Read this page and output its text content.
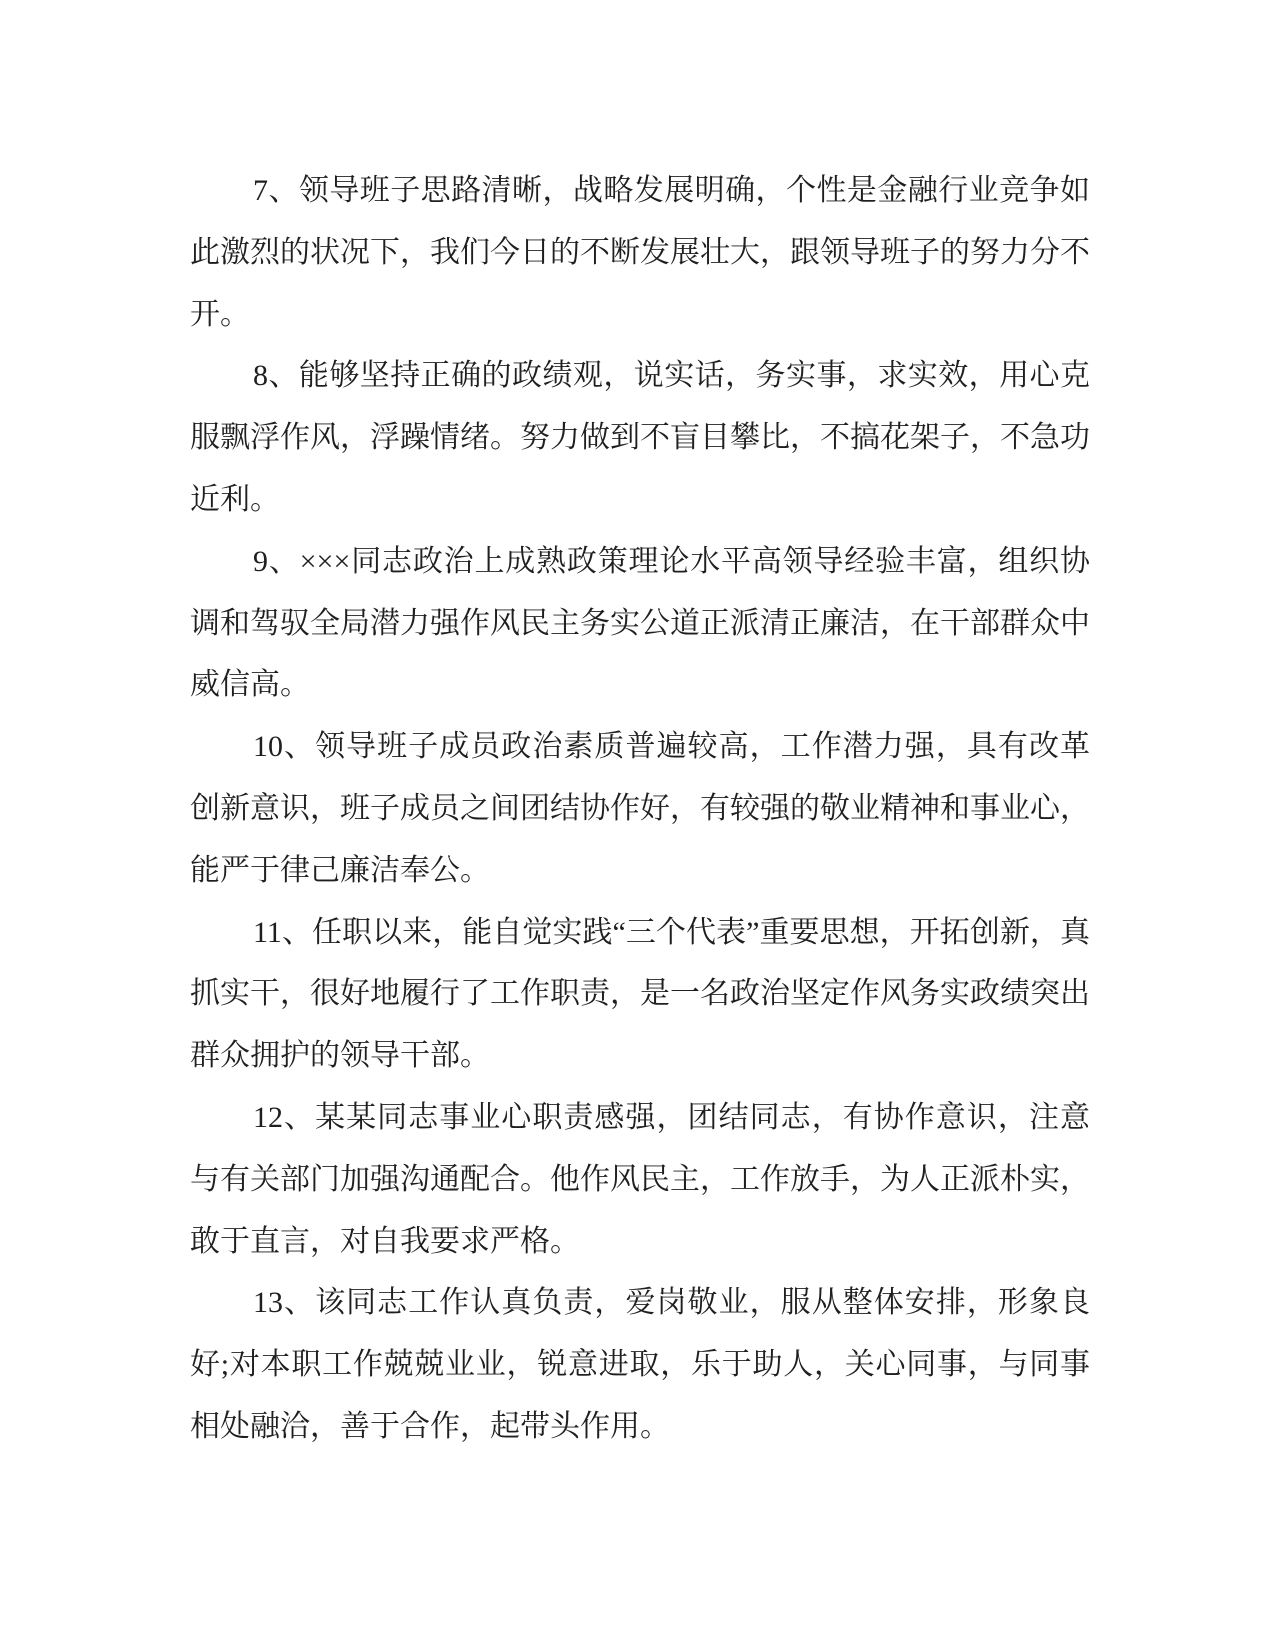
7、领导班子思路清晰，战略发展明确，个性是金融行业竞争如此激烈的状况下，我们今日的不断发展壮大，跟领导班子的努力分不开。

8、能够坚持正确的政绩观，说实话，务实事，求实效，用心克服飘浮作风，浮躁情绪。努力做到不盲目攀比，不搞花架子，不急功近利。

9、×××同志政治上成熟政策理论水平高领导经验丰富，组织协调和驾驭全局潜力强作风民主务实公道正派清正廉洁，在干部群众中威信高。

10、领导班子成员政治素质普遍较高，工作潜力强，具有改革创新意识，班子成员之间团结协作好，有较强的敬业精神和事业心，能严于律己廉洁奉公。

11、任职以来，能自觉实践“三个代表”重要思想，开拓创新，真抓实干，很好地履行了工作职责，是一名政治坚定作风务实政绩突出群众拥护的领导干部。

12、某某同志事业心职责感强，团结同志，有协作意识，注意与有关部门加强沟通配合。他作风民主，工作放手，为人正派朴实，敢于直言，对自我要求严格。

13、该同志工作认真负责，爱岗敬业，服从整体安排，形象良好;对本职工作兢兢业业，锐意进取，乐于助人，关心同事，与同事相处融洽，善于合作，起带头作用。
